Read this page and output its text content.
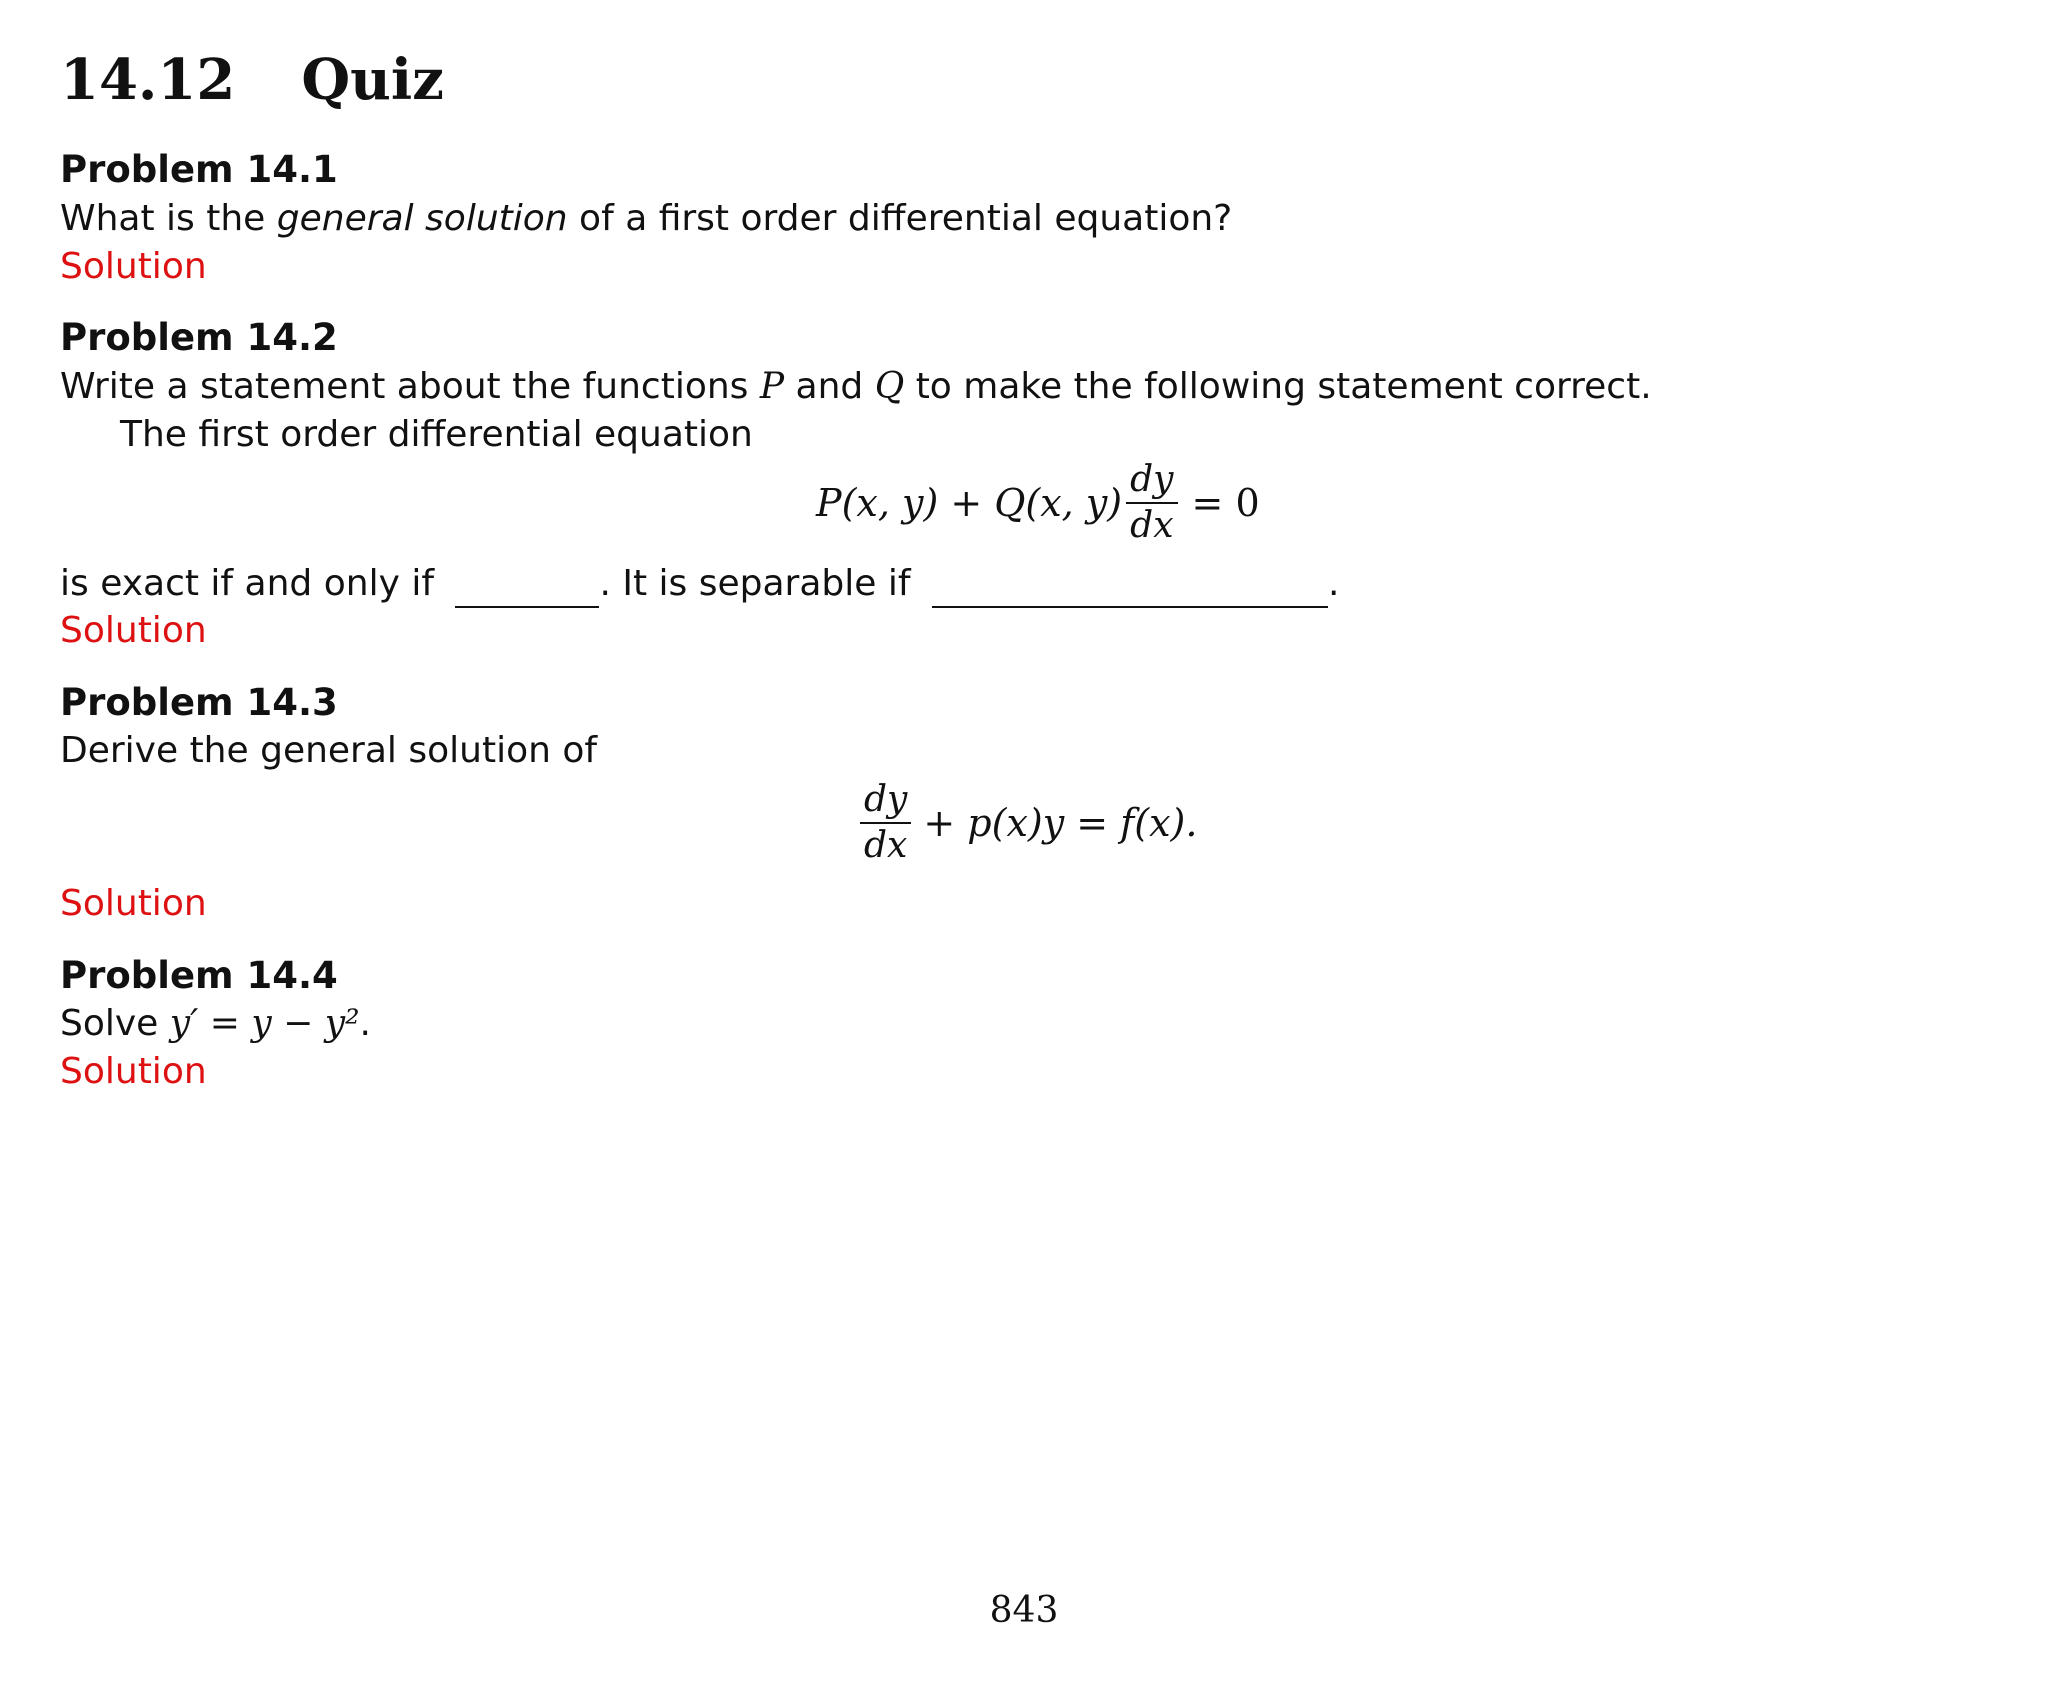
14.12 Quiz
Problem 14.1
What is the general solution of a first order differential equation?
Solution
Problem 14.2
Write a statement about the functions P and Q to make the following statement correct.
The first order differential equation
P(x, y) + Q(x, $y) \frac{dy}{dx} = 0$
is exact if and only if	. It is separable if	.
Solution
Problem 14.3
Derive the general solution of
$\frac{dy}{dx} + p(x)y = f(x)$.
Solution
Problem 14.4
Solve y′ = y − y².
Solution
843
